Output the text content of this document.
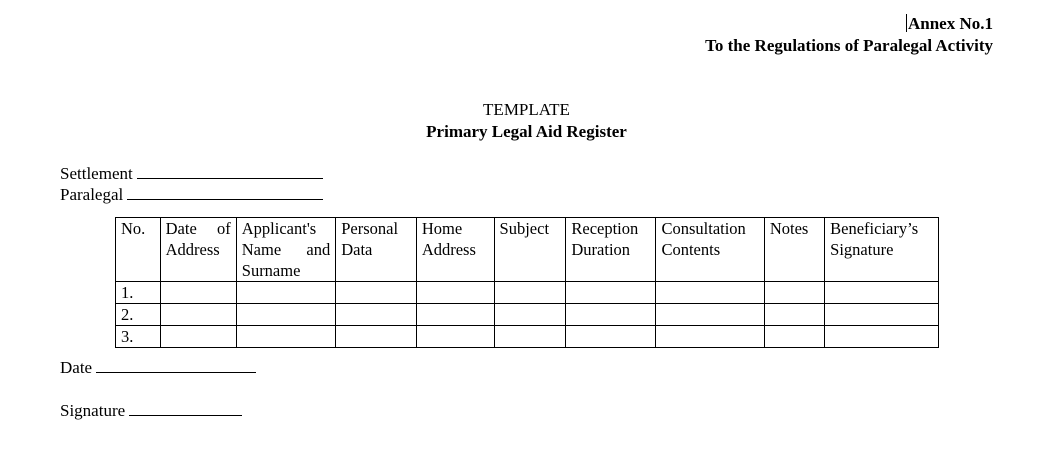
Annex No.1
To the Regulations of Paralegal Activity
TEMPLATE
Primary Legal Aid Register
Settlement
Paralegal
No.	Date of Address	Applicant's Name and Surname	Personal Data	Home Address	Subject	Reception Duration	Consultation Contents	Notes	Beneficiary’s Signature
1.									
2.									
3.									
Date
Signature
